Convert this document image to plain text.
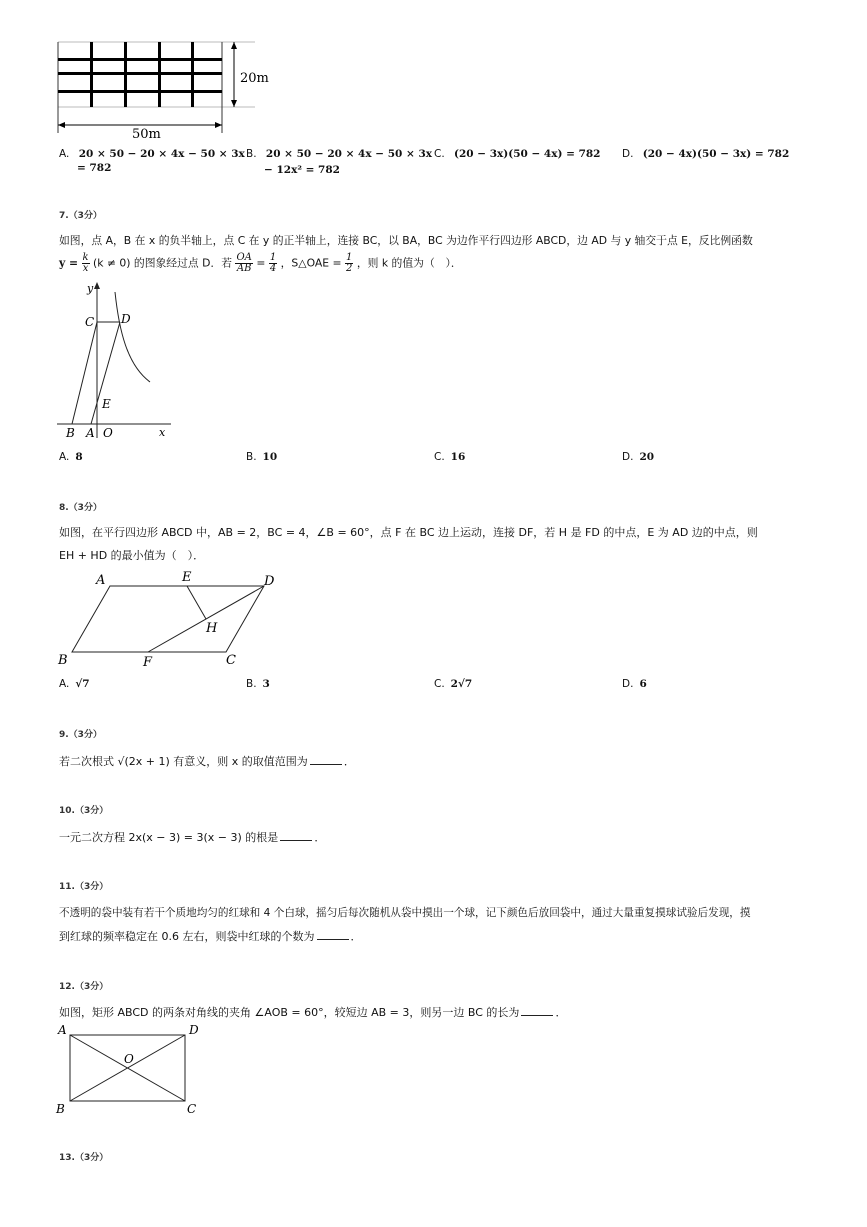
20m
50m
A. 20 × 50 − 20 × 4x − 50 × 3x
= 782
B. 20 × 50 − 20 × 4x − 50 × 3x
− 12x² = 782
C. (20 − 3x)(50 − 4x) = 782 D. (20 − 4x)(50 − 3x) = 782
7.（3分）
如图，点 A，B 在 x 的负半轴上，点 C 在 y 的正半轴上，连接 BC，以 BA，BC 为边作平行四边形 ABCD，边 AD 与 y 轴交于点 E，反比例函数
$y = \frac{k}{x} (k \ne 0)$ 的图象经过点 D．若 $\frac{OA}{AB} = \frac{1}{4}$ ，S△OAE = $\frac{1}{2}$ ，则 k 的值为（　）．
y
x
C D
E
B A O
A. 8	B. 10	C. 16	D. 20
8.（3分）
如图，在平行四边形 ABCD 中，AB = 2，BC = 4，∠B = 60°，点 F 在 BC 边上运动，连接 DF，若 H 是 FD 的中点，E 为 AD 边的中点，则
EH + HD 的最小值为（　）．
A	E	D
H
B	F	C
A. √7	B. 3	C. 2√7	D. 6
9.（3分）
若二次根式 √(2x + 1) 有意义，则 x 的取值范围为	．
10.（3分）
一元二次方程 2x(x − 3) = 3(x − 3) 的根是	．
11.（3分）
不透明的袋中装有若干个质地均匀的红球和 4 个白球，摇匀后每次随机从袋中摸出一个球，记下颜色后放回袋中，通过大量重复摸球试验后发现，摸
到红球的频率稳定在 0.6 左右，则袋中红球的个数为	．
12.（3分）
如图，矩形 ABCD 的两条对角线的夹角 ∠AOB = 60°，较短边 AB = 3，则另一边 BC 的长为	．
A	D
O
B	C
13.（3分）
